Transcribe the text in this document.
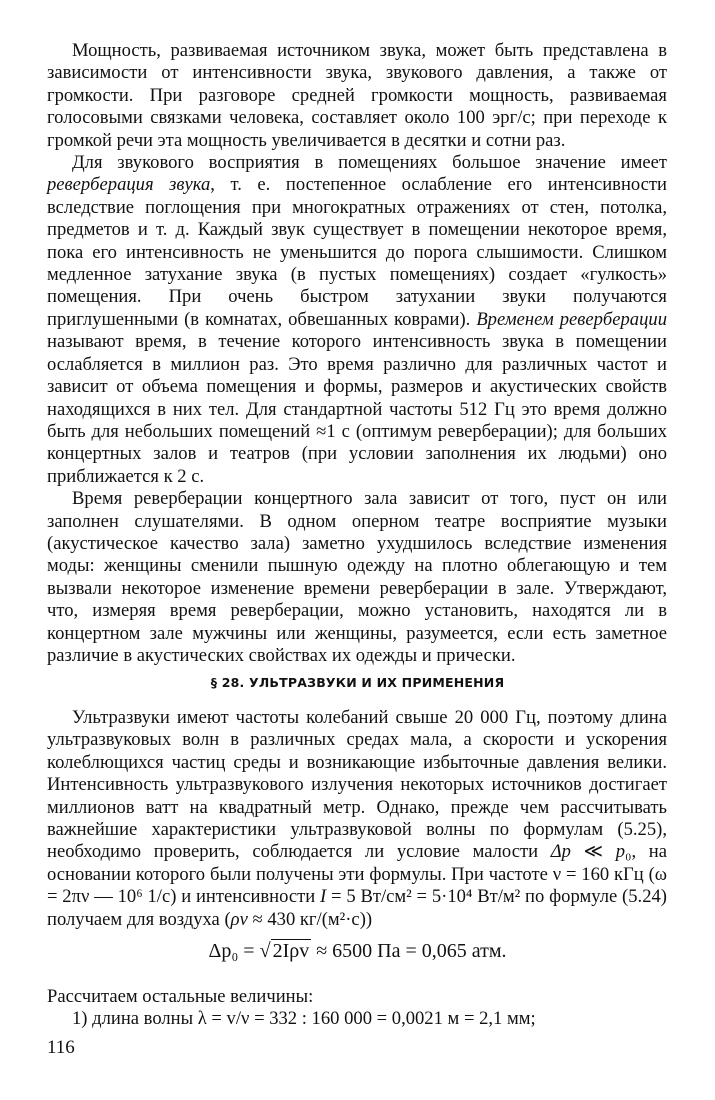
Мощность, развиваемая источником звука, может быть представлена в зависимости от интенсивности звука, звукового давления, а также от громкости. При разговоре средней громкости мощность, развиваемая голосовыми связками человека, составляет около 100 эрг/с; при переходе к громкой речи эта мощность увеличивается в десятки и сотни раз.

Для звукового восприятия в помещениях большое значение имеет реверберация звука, т. е. постепенное ослабление его интенсивности вследствие поглощения при многократных отражениях от стен, потолка, предметов и т. д. Каждый звук существует в помещении некоторое время, пока его интенсивность не уменьшится до порога слышимости. Слишком медленное затухание звука (в пустых помещениях) создает «гулкость» помещения. При очень быстром затухании звуки получаются приглушенными (в комнатах, обвешанных коврами). Временем реверберации называют время, в течение которого интенсивность звука в помещении ослабляется в миллион раз. Это время различно для различных частот и зависит от объема помещения и формы, размеров и акустических свойств находящихся в них тел. Для стандартной частоты 512 Гц это время должно быть для небольших помещений ≈1 с (оптимум реверберации); для больших концертных залов и театров (при условии заполнения их людьми) оно приближается к 2 с.

Время реверберации концертного зала зависит от того, пуст он или заполнен слушателями. В одном оперном театре восприятие музыки (акустическое качество зала) заметно ухудшилось вследствие изменения моды: женщины сменили пышную одежду на плотно облегающую и тем вызвали некоторое изменение времени реверберации в зале. Утверждают, что, измеряя время реверберации, можно установить, находятся ли в концертном зале мужчины или женщины, разумеется, если есть заметное различие в акустических свойствах их одежды и прически.

§ 28. УЛЬТРАЗВУКИ И ИХ ПРИМЕНЕНИЯ

Ультразвуки имеют частоты колебаний свыше 20 000 Гц, поэтому длина ультразвуковых волн в различных средах мала, а скорости и ускорения колеблющихся частиц среды и возникающие избыточные давления велики. Интенсивность ультразвукового излучения некоторых источников достигает миллионов ватт на квадратный метр. Однако, прежде чем рассчитывать важнейшие характеристики ультразвуковой волны по формулам (5.25), необходимо проверить, соблюдается ли условие малости Δp ≪ p₀, на основании которого были получены эти формулы. При частоте ν = 160 кГц (ω = 2πν — 10⁶ 1/с) и интенсивности I = 5 Вт/см² = 5·10⁴ Вт/м² по формуле (5.24) получаем для воздуха (ρv ≈ 430 кг/(м²·с))

Δp₀ = √ 2Iρv ≈ 6500 Па = 0,065 атм.
Рассчитаем остальные величины:
1) длина волны λ = v/ν = 332 : 160 000 = 0,0021 м = 2,1 мм;
116
